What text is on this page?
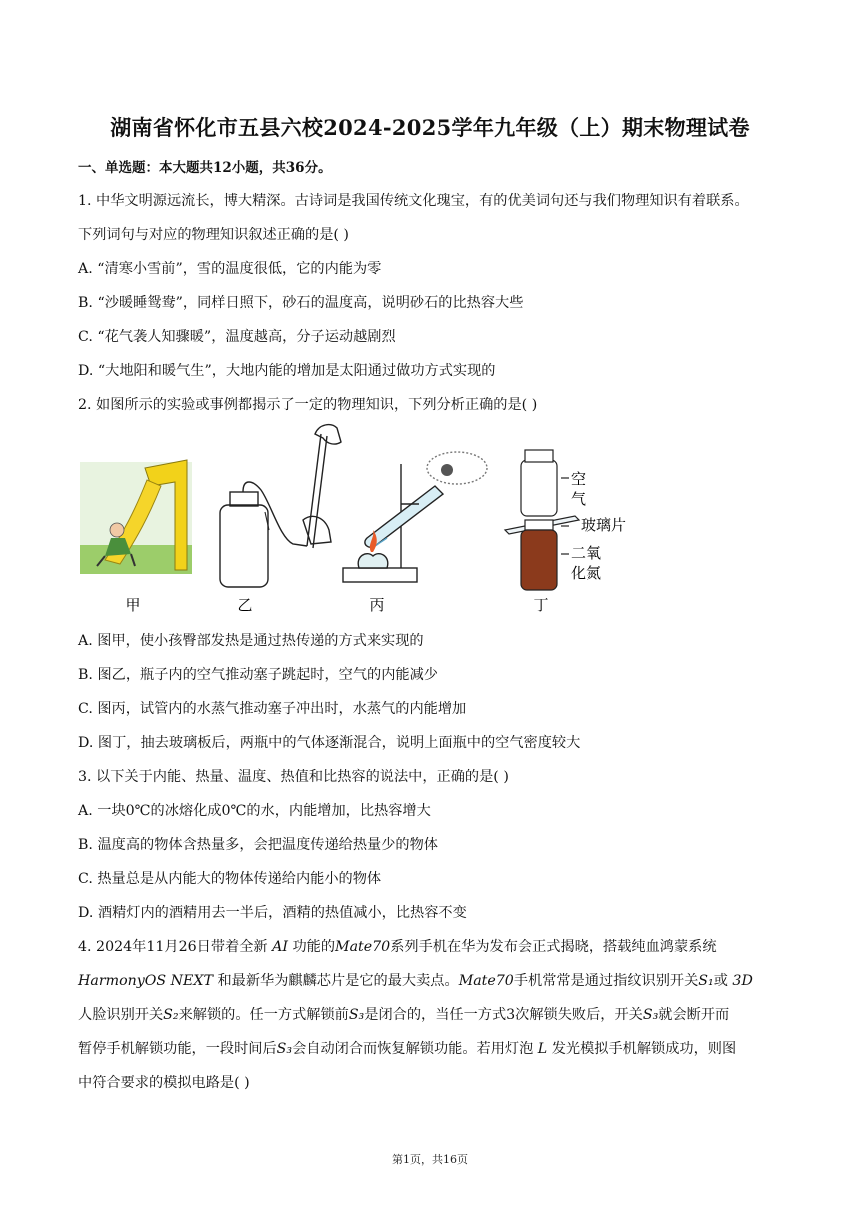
湖南省怀化市五县六校2024-2025学年九年级（上）期末物理试卷
一、单选题：本大题共12小题，共36分。
1. 中华文明源远流长，博大精深。古诗词是我国传统文化瑰宝，有的优美词句还与我们物理知识有着联系。
下列词句与对应的物理知识叙述正确的是( )
A. “清寒小雪前”，雪的温度很低，它的内能为零
B. “沙暖睡鸳鸯”，同样日照下，砂石的温度高，说明砂石的比热容大些
C. “花气袭人知骤暖”，温度越高，分子运动越剧烈
D. “大地阳和暖气生”，大地内能的增加是太阳通过做功方式实现的
2. 如图所示的实验或事例都揭示了一定的物理知识，下列分析正确的是( )
甲	乙	丙
空
气
玻璃片
二氧
化氮
丁
A. 图甲，使小孩臀部发热是通过热传递的方式来实现的
B. 图乙，瓶子内的空气推动塞子跳起时，空气的内能减少
C. 图丙，试管内的水蒸气推动塞子冲出时，水蒸气的内能增加
D. 图丁，抽去玻璃板后，两瓶中的气体逐渐混合，说明上面瓶中的空气密度较大
3. 以下关于内能、热量、温度、热值和比热容的说法中，正确的是( )
A. 一块0℃的冰熔化成0℃的水，内能增加，比热容增大
B. 温度高的物体含热量多，会把温度传递给热量少的物体
C. 热量总是从内能大的物体传递给内能小的物体
D. 酒精灯内的酒精用去一半后，酒精的热值减小，比热容不变
4. 2024年11月26日带着全新 AI 功能的Mate70系列手机在华为发布会正式揭晓，搭载纯血鸿蒙系统
HarmonyOS NEXT 和最新华为麒麟芯片是它的最大卖点。Mate70手机常常是通过指纹识别开关S₁或 3D
人脸识别开关S₂来解锁的。任一方式解锁前S₃是闭合的，当任一方式3次解锁失败后，开关S₃就会断开而
暂停手机解锁功能，一段时间后S₃会自动闭合而恢复解锁功能。若用灯泡 L 发光模拟手机解锁成功，则图
中符合要求的模拟电路是( )
第1页，共16页
